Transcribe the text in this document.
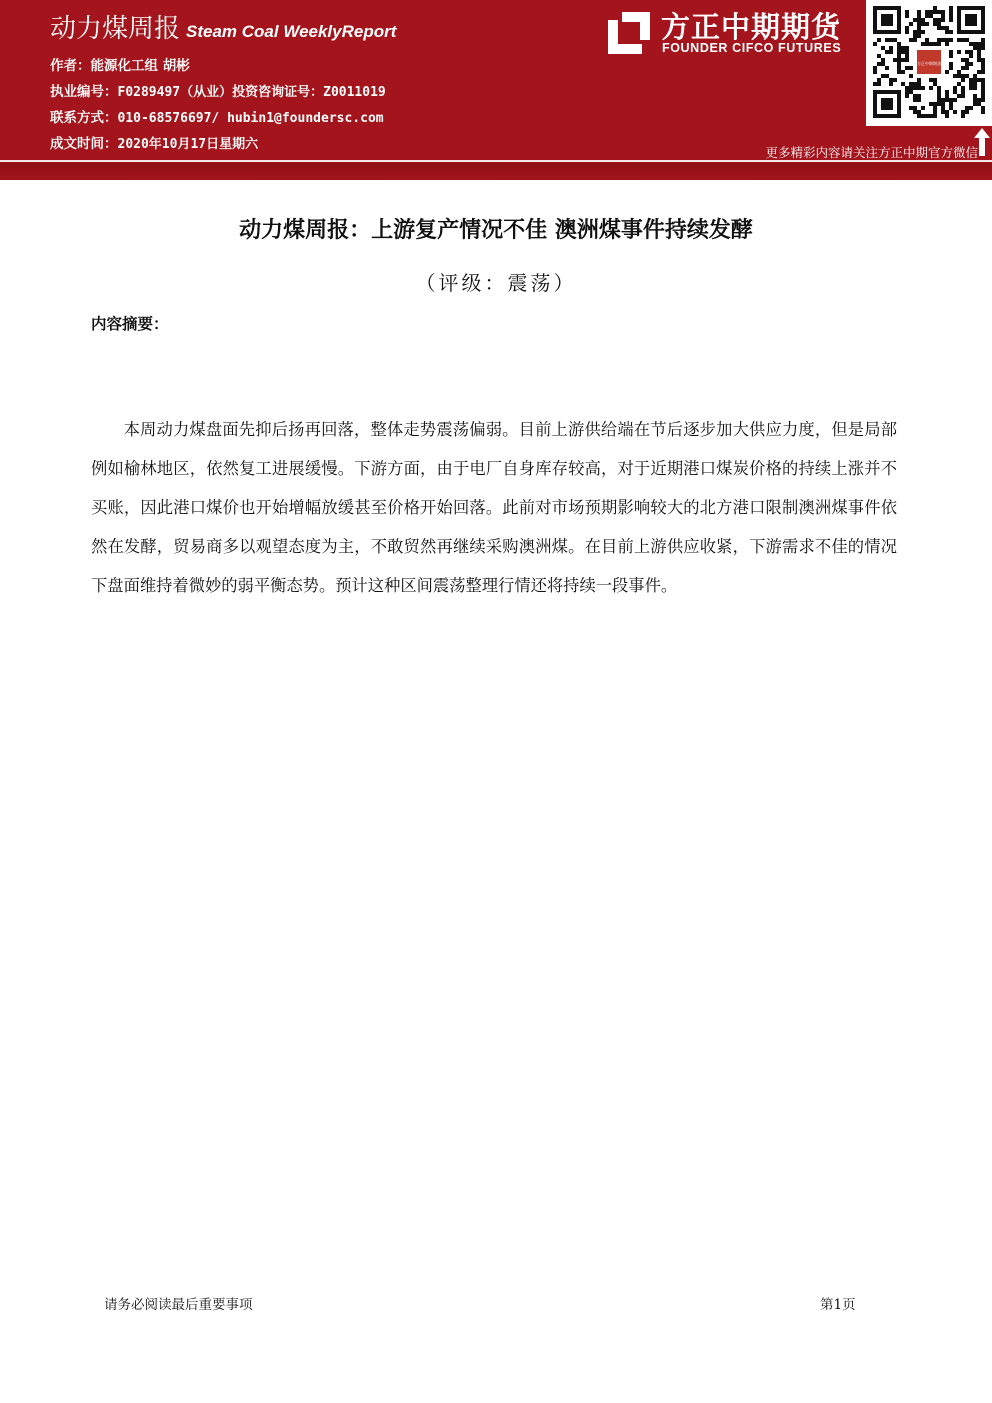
动力煤周报 Steam Coal WeeklyReport
作者：能源化工组 胡彬
执业编号：F0289497（从业）投资咨询证号：Z0011019
联系方式：010-68576697/ hubin1@foundersc.com
成文时间：2020年10月17日星期六
方正中期期货
FOUNDER CIFCO FUTURES
方正中期期货
更多精彩内容请关注方正中期官方微信
动力煤周报：上游复产情况不佳 澳洲煤事件持续发酵
（评级：震荡）
内容摘要：
本周动力煤盘面先抑后扬再回落，整体走势震荡偏弱。目前上游供给端在节后逐步加大供应力度，但是局部例如榆林地区，依然复工进展缓慢。下游方面，由于电厂自身库存较高，对于近期港口煤炭价格的持续上涨并不买账，因此港口煤价也开始增幅放缓甚至价格开始回落。此前对市场预期影响较大的北方港口限制澳洲煤事件依然在发酵，贸易商多以观望态度为主，不敢贸然再继续采购澳洲煤。在目前上游供应收紧，下游需求不佳的情况下盘面维持着微妙的弱平衡态势。预计这种区间震荡整理行情还将持续一段事件。
请务必阅读最后重要事项	第1页
